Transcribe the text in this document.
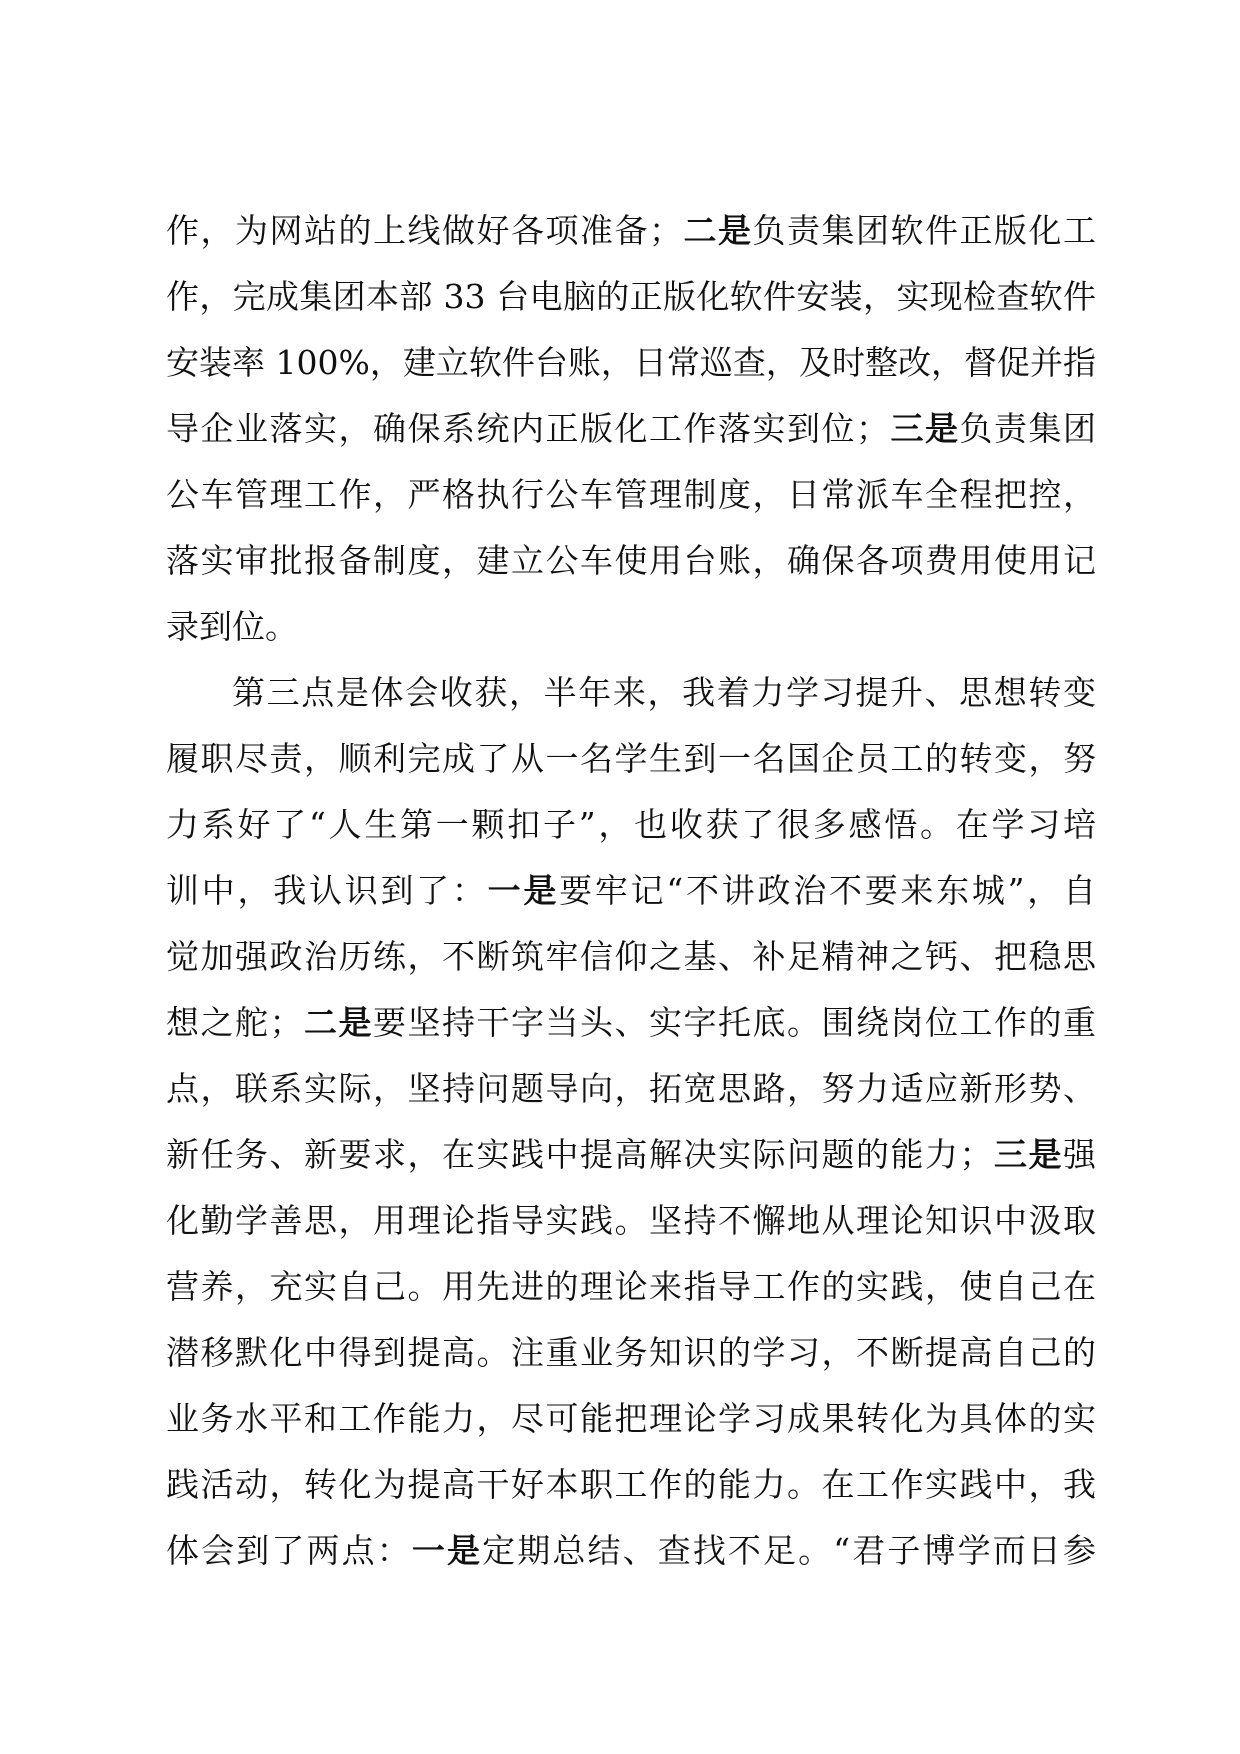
作，为网站的上线做好各项准备；二是负责集团软件正版化工
作，完成集团本部 33 台电脑的正版化软件安装，实现检查软件
安装率 100%，建立软件台账，日常巡查，及时整改，督促并指
导企业落实，确保系统内正版化工作落实到位；三是负责集团
公车管理工作，严格执行公车管理制度，日常派车全程把控，
落实审批报备制度，建立公车使用台账，确保各项费用使用记
录到位。
第三点是体会收获，半年来，我着力学习提升、思想转变
履职尽责，顺利完成了从一名学生到一名国企员工的转变，努
力系好了“人生第一颗扣子”，也收获了很多感悟。在学习培
训中，我认识到了：一是要牢记“不讲政治不要来东城”，自
觉加强政治历练，不断筑牢信仰之基、补足精神之钙、把稳思
想之舵；二是要坚持干字当头、实字托底。围绕岗位工作的重
点，联系实际，坚持问题导向，拓宽思路，努力适应新形势、
新任务、新要求，在实践中提高解决实际问题的能力；三是强
化勤学善思，用理论指导实践。坚持不懈地从理论知识中汲取
营养，充实自己。用先进的理论来指导工作的实践，使自己在
潜移默化中得到提高。注重业务知识的学习，不断提高自己的
业务水平和工作能力，尽可能把理论学习成果转化为具体的实
践活动，转化为提高干好本职工作的能力。在工作实践中，我
体会到了两点：一是定期总结、查找不足。“君子博学而日参
